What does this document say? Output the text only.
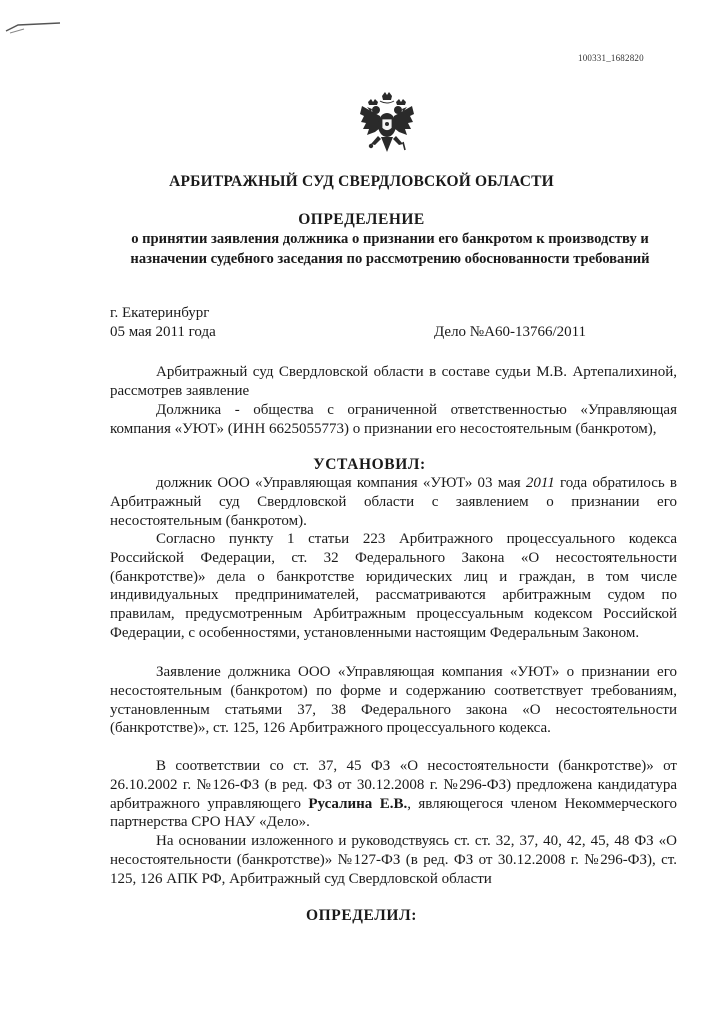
100331_1682820
АРБИТРАЖНЫЙ СУД СВЕРДЛОВСКОЙ ОБЛАСТИ
ОПРЕДЕЛЕНИЕ
о принятии заявления должника о признании его банкротом к производству и назначении судебного заседания по рассмотрению обоснованности требований
г. Екатеринбург
05 мая 2011 года	Дело №А60-13766/2011
Арбитражный суд Свердловской области в составе судьи М.В. Артепалихиной, рассмотрев заявление
Должника - общества с ограниченной ответственностью «Управляющая компания «УЮТ» (ИНН 6625055773) о признании его несостоятельным (банкротом),
УСТАНОВИЛ:
должник ООО «Управляющая компания «УЮТ» 03 мая 2011 года обратилось в Арбитражный суд Свердловской области с заявлением о признании его несостоятельным (банкротом).
Согласно пункту 1 статьи 223 Арбитражного процессуального кодекса Российской Федерации, ст. 32 Федерального Закона «О несостоятельности (банкротстве)» дела о банкротстве юридических лиц и граждан, в том числе индивидуальных предпринимателей, рассматриваются арбитражным судом по правилам, предусмотренным Арбитражным процессуальным кодексом Российской Федерации, с особенностями, установленными настоящим Федеральным Законом.
Заявление должника ООО «Управляющая компания «УЮТ» о признании его несостоятельным (банкротом) по форме и содержанию соответствует требованиям, установленным статьями 37, 38 Федерального закона «О несостоятельности (банкротстве)», ст. 125, 126 Арбитражного процессуального кодекса.
В соответствии со ст. 37, 45 ФЗ «О несостоятельности (банкротстве)» от 26.10.2002 г. №126-ФЗ (в ред. ФЗ от 30.12.2008 г. №296-ФЗ) предложена кандидатура арбитражного управляющего Русалина Е.В., являющегося членом Некоммерческого партнерства СРО НАУ «Дело».
На основании изложенного и руководствуясь ст. ст. 32, 37, 40, 42, 45, 48 ФЗ «О несостоятельности (банкротстве)» №127-ФЗ (в ред. ФЗ от 30.12.2008 г. №296-ФЗ), ст. 125, 126 АПК РФ, Арбитражный суд Свердловской области
ОПРЕДЕЛИЛ:
